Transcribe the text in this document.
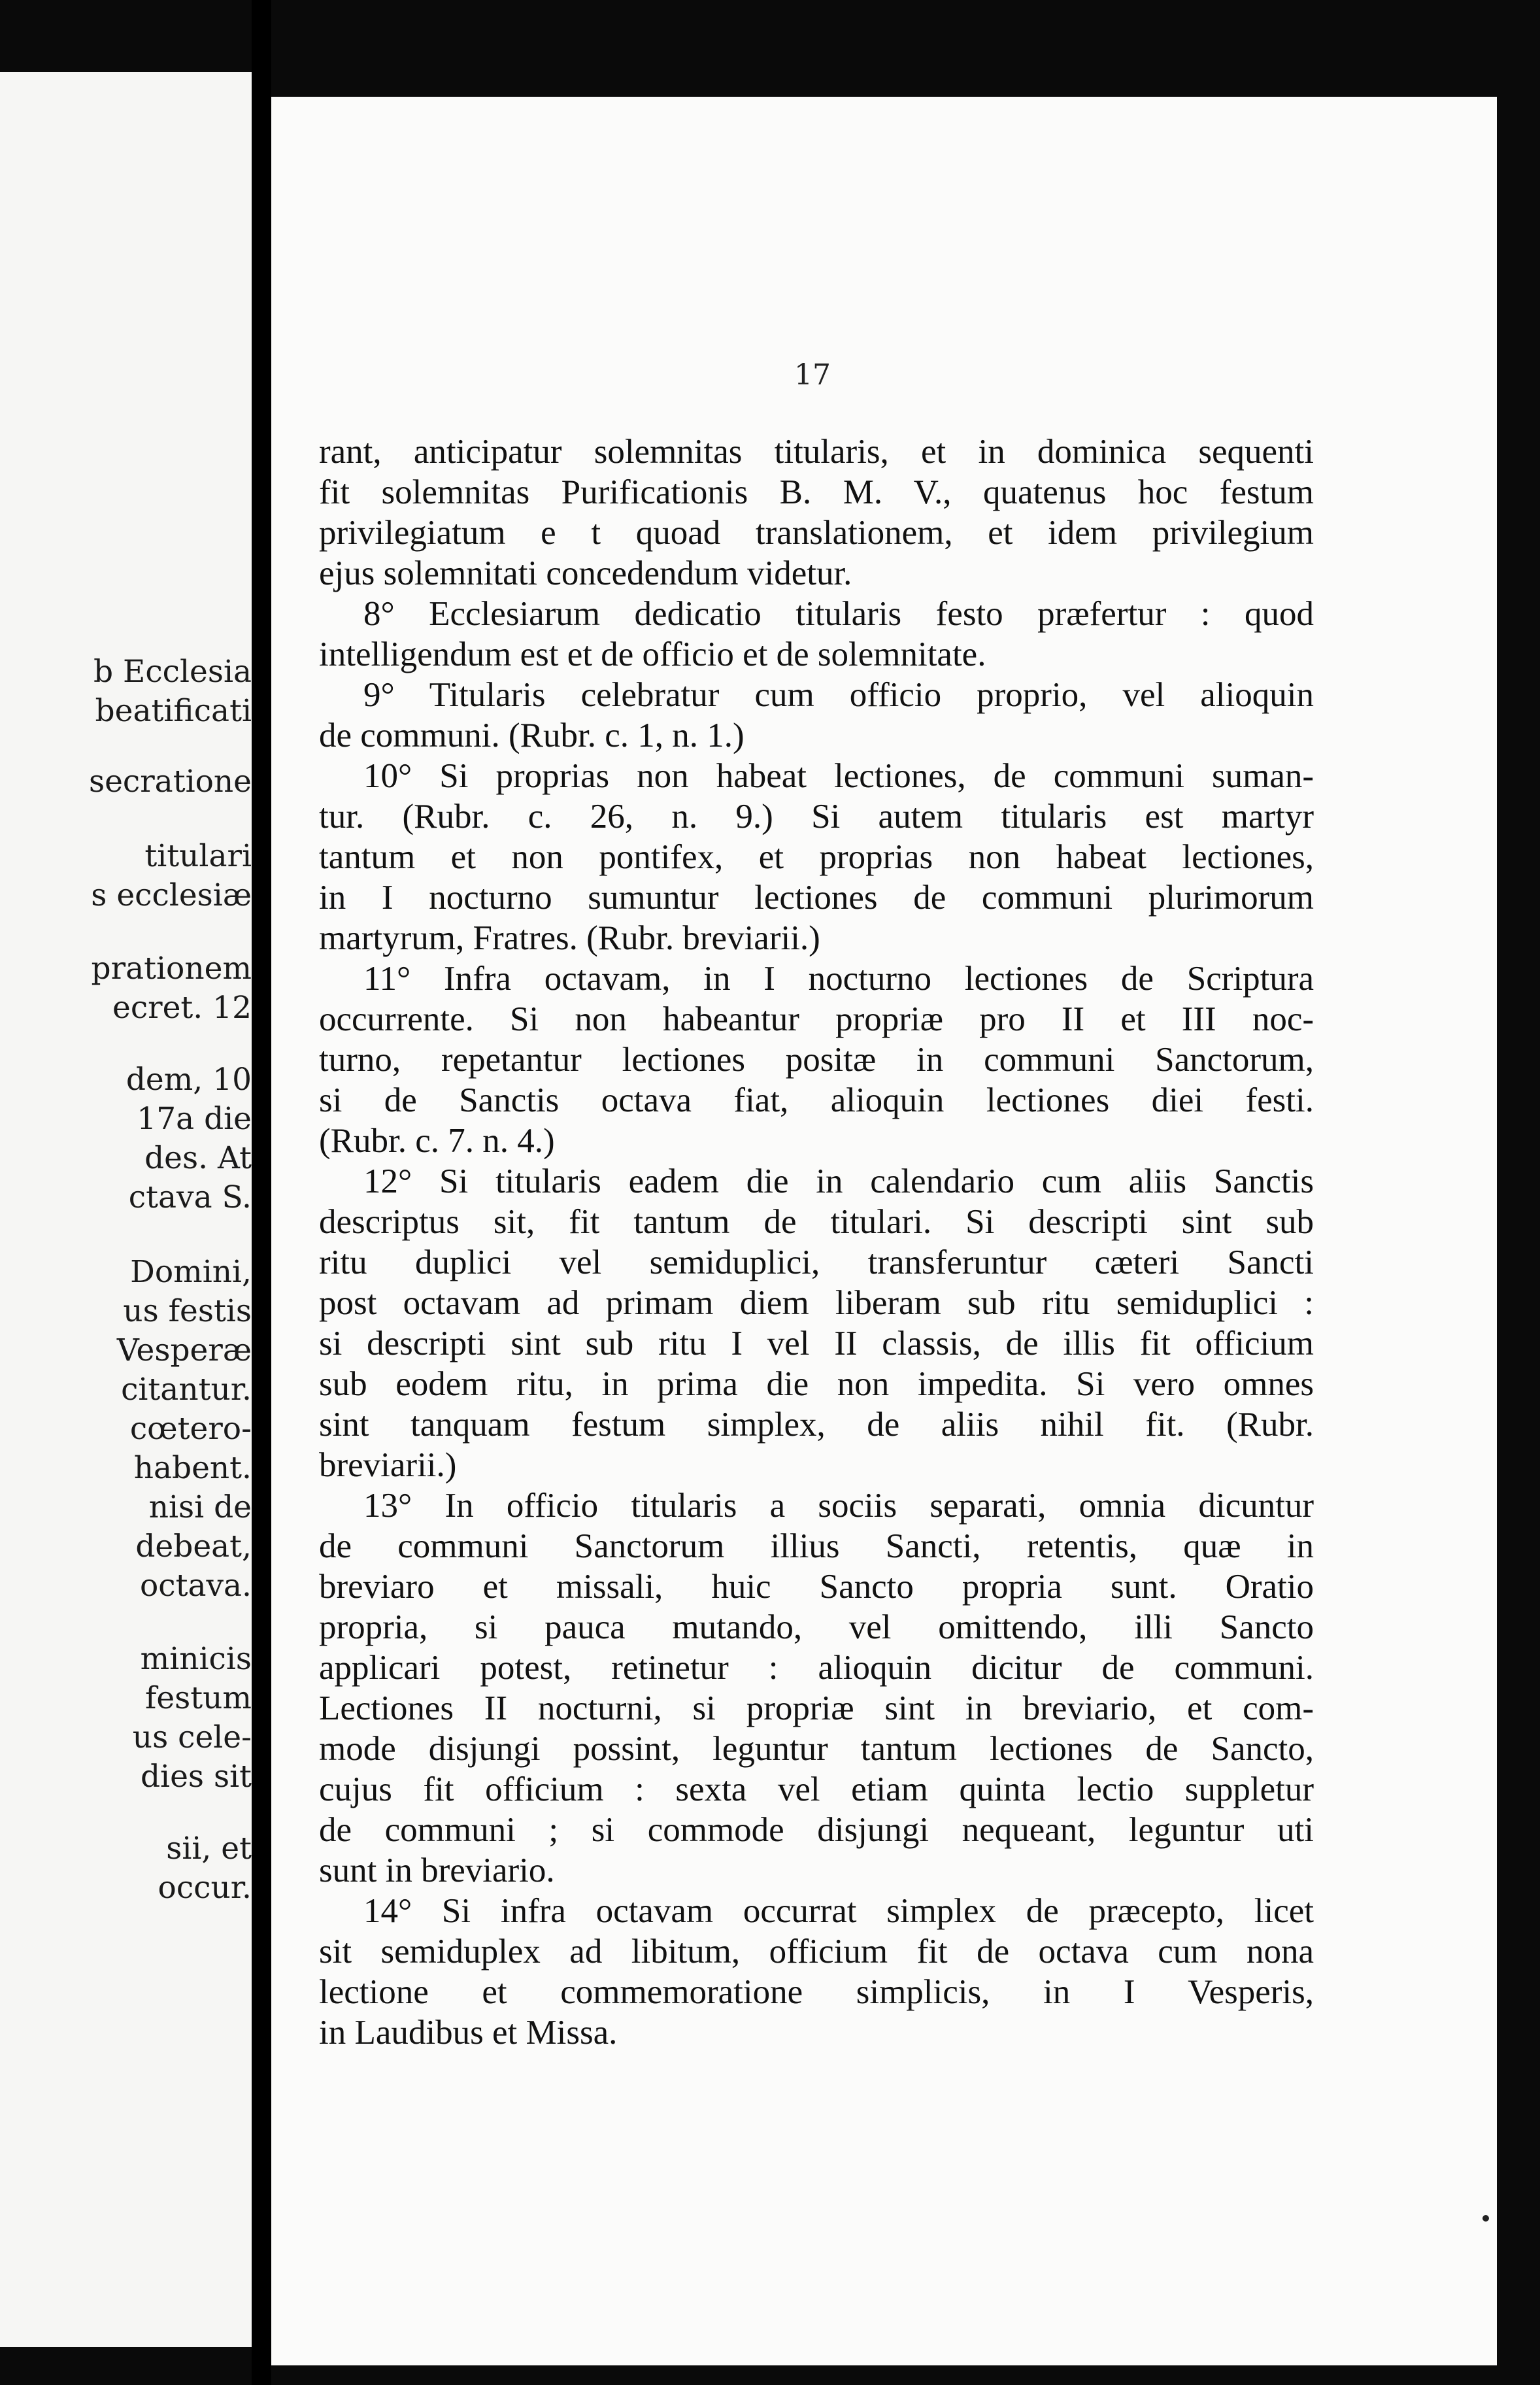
b Ecclesia
beatificati
secratione
titulari
s ecclesiæ
prationem
ecret. 12
dem, 10
17a die
des. At
ctava S.
Domini,
us festis
Vesperæ
citantur.
cœtero-
habent.
nisi de
debeat,
octava.
minicis
festum
us cele-
dies sit
sii, et
occur.
17
rant, anticipatur solemnitas titularis, et in dominica sequenti
fit solemnitas Purificationis B. M. V., quatenus hoc festum
privilegiatum e t quoad translationem, et idem privilegium
ejus solemnitati concedendum videtur.
8° Ecclesiarum dedicatio titularis festo præfertur : quod
intelligendum est et de officio et de solemnitate.
9° Titularis celebratur cum officio proprio, vel alioquin
de communi. (Rubr. c. 1, n. 1.)
10° Si proprias non habeat lectiones, de communi suman-
tur. (Rubr. c. 26, n. 9.) Si autem titularis est martyr
tantum et non pontifex, et proprias non habeat lectiones,
in I nocturno sumuntur lectiones de communi plurimorum
martyrum, Fratres. (Rubr. breviarii.)
11° Infra octavam, in I nocturno lectiones de Scriptura
occurrente. Si non habeantur propriæ pro II et III noc-
turno, repetantur lectiones positæ in communi Sanctorum,
si de Sanctis octava fiat, alioquin lectiones diei festi.
(Rubr. c. 7. n. 4.)
12° Si titularis eadem die in calendario cum aliis Sanctis
descriptus sit, fit tantum de titulari. Si descripti sint sub
ritu duplici vel semiduplici, transferuntur cæteri Sancti
post octavam ad primam diem liberam sub ritu semiduplici :
si descripti sint sub ritu I vel II classis, de illis fit officium
sub eodem ritu, in prima die non impedita. Si vero omnes
sint tanquam festum simplex, de aliis nihil fit. (Rubr.
breviarii.)
13° In officio titularis a sociis separati, omnia dicuntur
de communi Sanctorum illius Sancti, retentis, quæ in
breviaro et missali, huic Sancto propria sunt. Oratio
propria, si pauca mutando, vel omittendo, illi Sancto
applicari potest, retinetur : alioquin dicitur de communi.
Lectiones II nocturni, si propriæ sint in breviario, et com-
mode disjungi possint, leguntur tantum lectiones de Sancto,
cujus fit officium : sexta vel etiam quinta lectio suppletur
de communi ; si commode disjungi nequeant, leguntur uti
sunt in breviario.
14° Si infra octavam occurrat simplex de præcepto, licet
sit semiduplex ad libitum, officium fit de octava cum nona
lectione et commemoratione simplicis, in I Vesperis,
in Laudibus et Missa.
